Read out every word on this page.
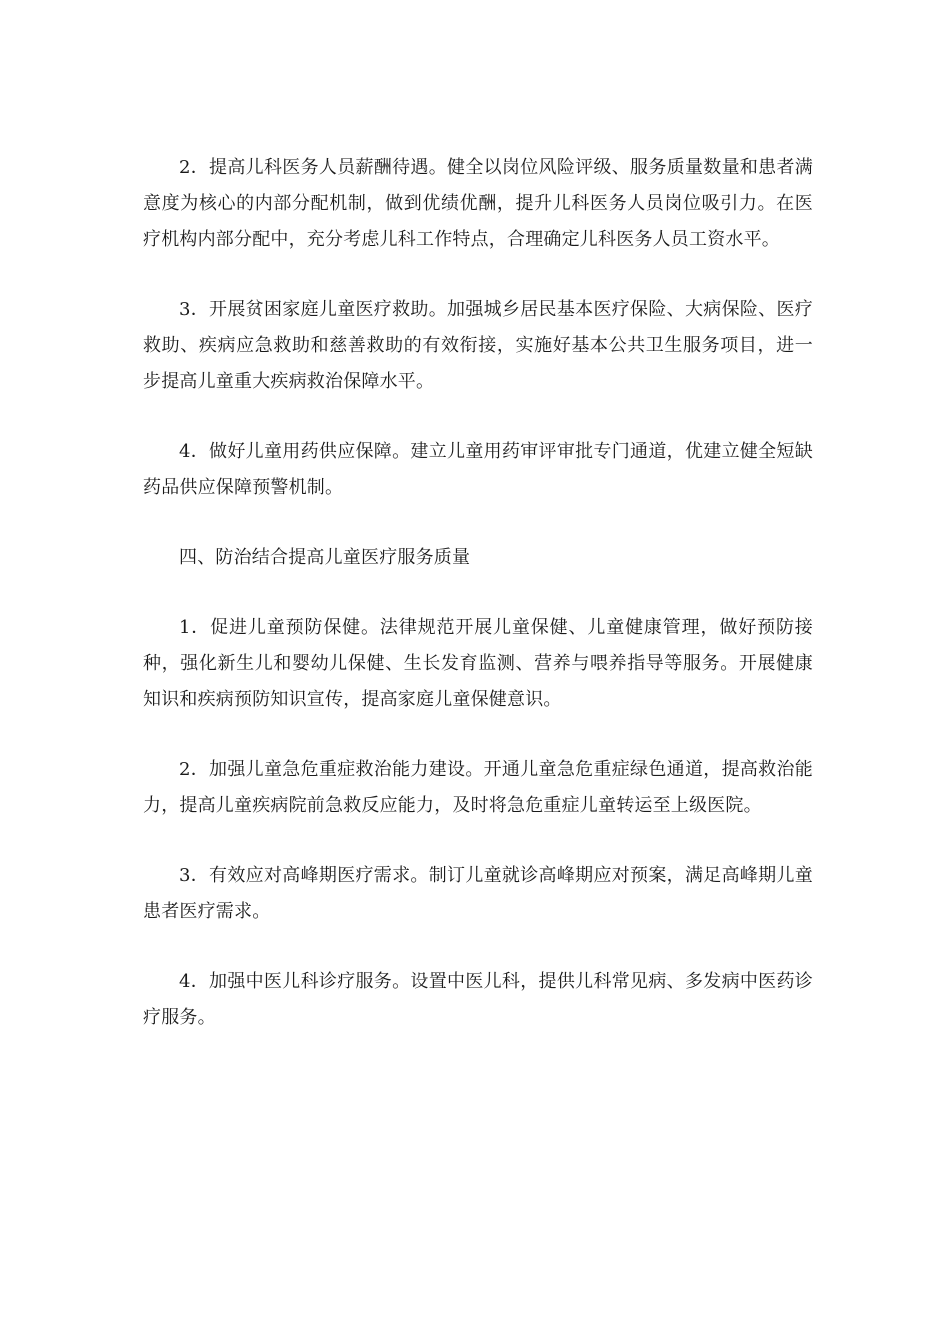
2．提高儿科医务人员薪酬待遇。健全以岗位风险评级、服务质量数量和患者满意度为核心的内部分配机制，做到优绩优酬，提升儿科医务人员岗位吸引力。在医疗机构内部分配中，充分考虑儿科工作特点，合理确定儿科医务人员工资水平。

3．开展贫困家庭儿童医疗救助。加强城乡居民基本医疗保险、大病保险、医疗救助、疾病应急救助和慈善救助的有效衔接，实施好基本公共卫生服务项目，进一步提高儿童重大疾病救治保障水平。

4．做好儿童用药供应保障。建立儿童用药审评审批专门通道，优建立健全短缺药品供应保障预警机制。

四、防治结合提高儿童医疗服务质量

1．促进儿童预防保健。法律规范开展儿童保健、儿童健康管理，做好预防接种，强化新生儿和婴幼儿保健、生长发育监测、营养与喂养指导等服务。开展健康知识和疾病预防知识宣传，提高家庭儿童保健意识。

2．加强儿童急危重症救治能力建设。开通儿童急危重症绿色通道，提高救治能力，提高儿童疾病院前急救反应能力，及时将急危重症儿童转运至上级医院。

3．有效应对高峰期医疗需求。制订儿童就诊高峰期应对预案，满足高峰期儿童患者医疗需求。

4．加强中医儿科诊疗服务。设置中医儿科，提供儿科常见病、多发病中医药诊疗服务。
